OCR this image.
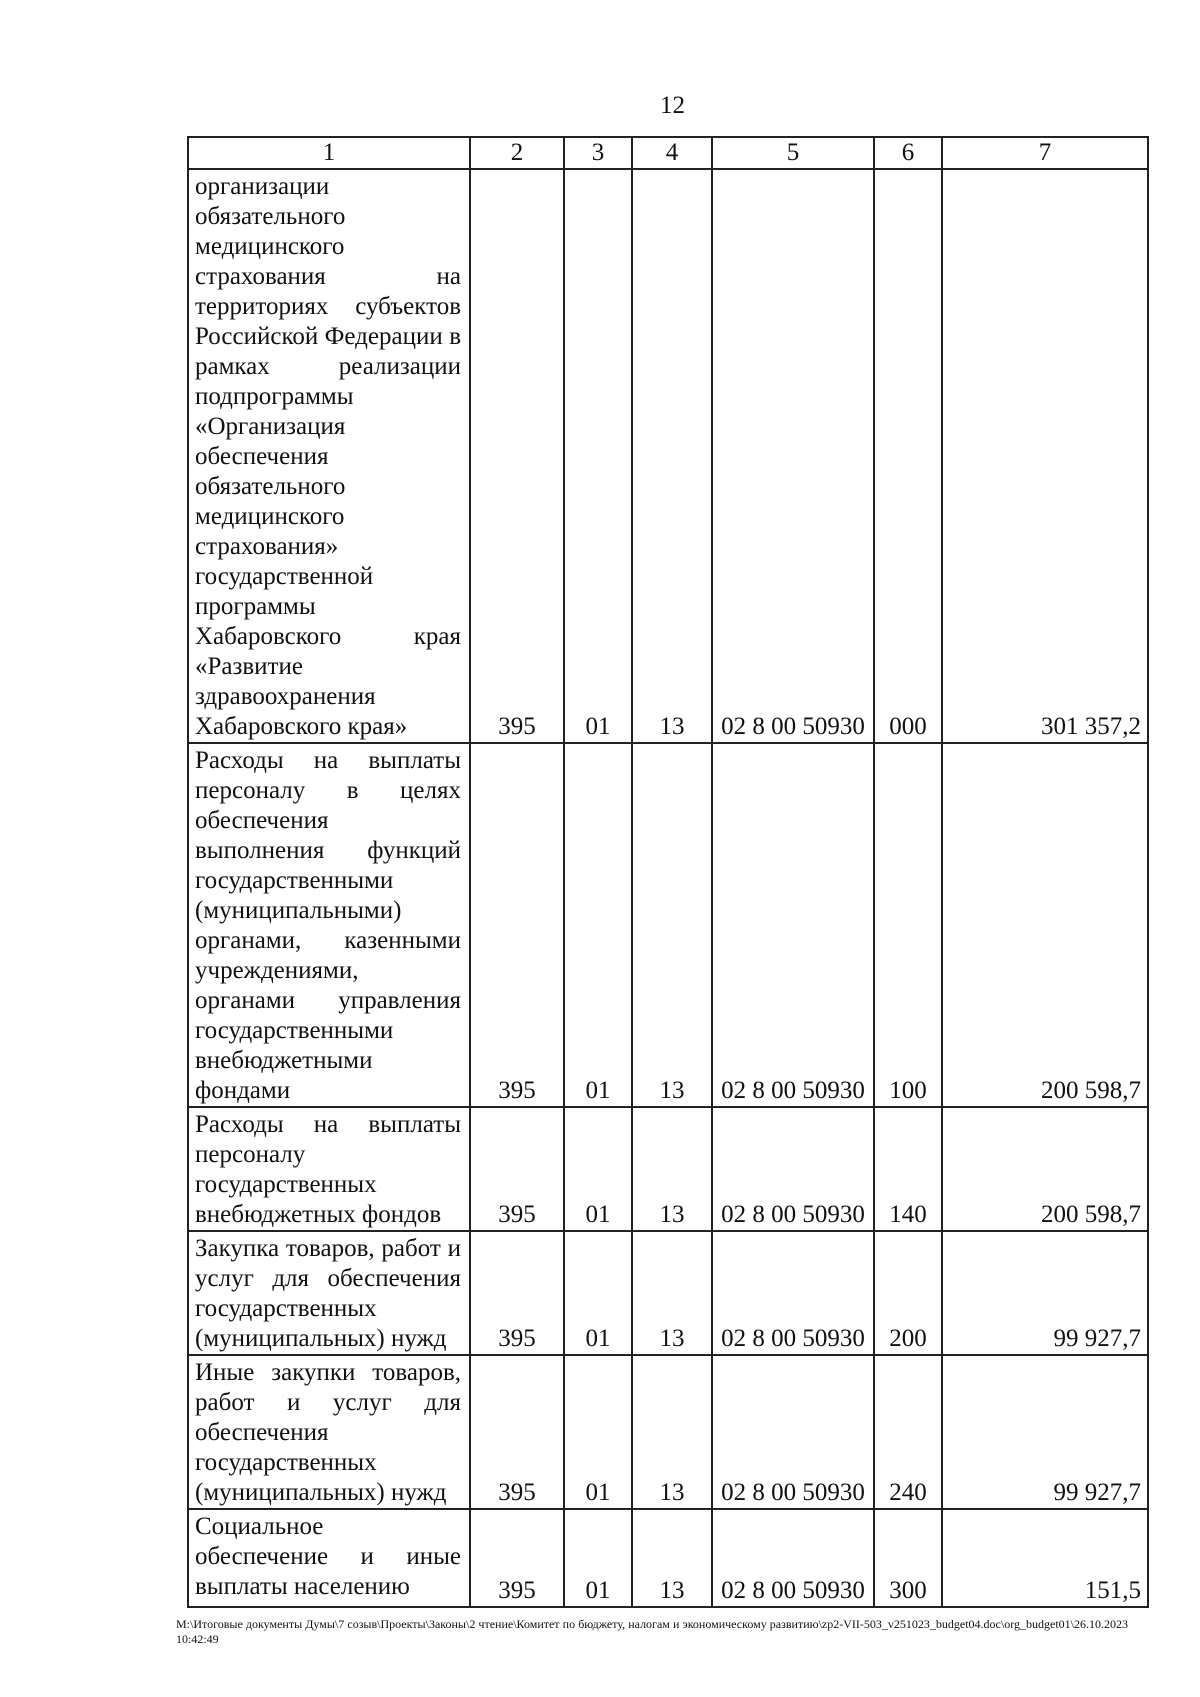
12
1	2	3	4	5	6	7
организации обязательного медицинского страхования на территориях субъектов Российской Федерации в рамках реализации подпрограммы «Организация обеспечения обязательного медицинского страхования» государственной программы Хабаровского края «Развитие здравоохранения Хабаровского края»	395	01	13	02 8 00 50930	000	301 357,2
Расходы на выплаты персоналу в целях обеспечения выполнения функций государственными (муниципальными) органами, казенными учреждениями, органами управления государственными внебюджетными фондами	395	01	13	02 8 00 50930	100	200 598,7
Расходы на выплаты персоналу государственных внебюджетных фондов	395	01	13	02 8 00 50930	140	200 598,7
Закупка товаров, работ и услуг для обеспечения государственных (муниципальных) нужд	395	01	13	02 8 00 50930	200	99 927,7
Иные закупки товаров, работ и услуг для обеспечения государственных (муниципальных) нужд	395	01	13	02 8 00 50930	240	99 927,7
Социальное обеспечение и иные выплаты населению	395	01	13	02 8 00 50930	300	151,5
М:\Итоговые документы Думы\7 созыв\Проекты\Законы\2 чтение\Комитет по бюджету, налогам и экономическому развитию\zp2-VII-503_v251023_budget04.doc\org_budget01\26.10.2023 10:42:49
